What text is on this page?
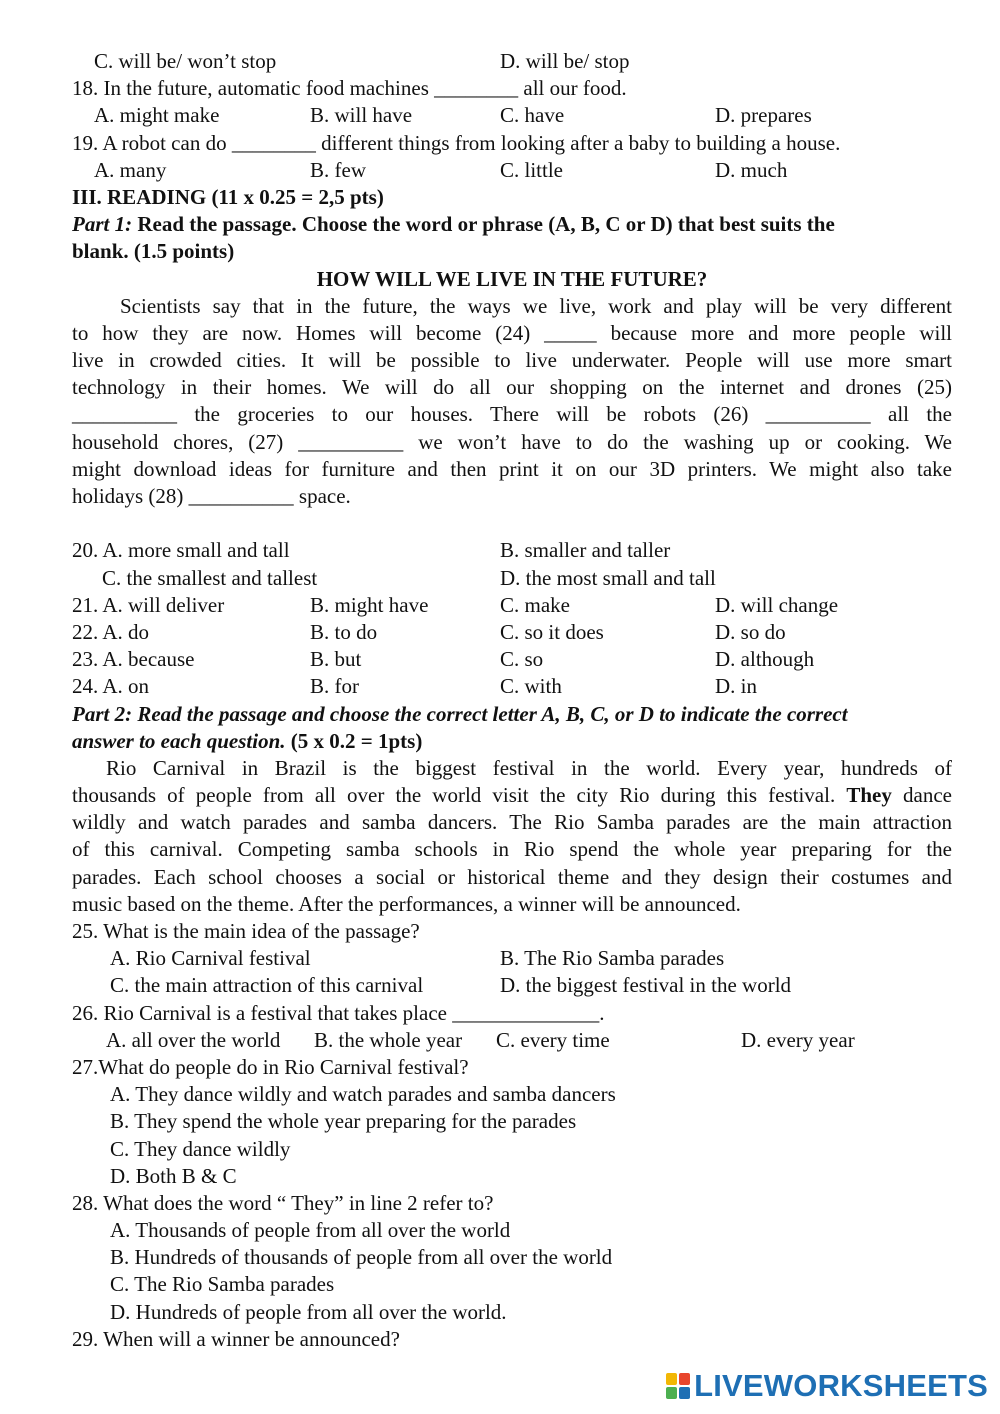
C. will be/ won’t stop	D. will be/ stop
18. In the future, automatic food machines ________ all our food.
A. might make	B. will have	C. have	D. prepares
19. A robot can do ________ different things from looking after a baby to building a house.
A. many	B. few	C. little	D. much
III. READING (11 x 0.25 = 2,5 pts)
Part 1: Read the passage. Choose the word or phrase (A, B, C or D) that best suits the
blank. (1.5 points)
HOW WILL WE LIVE IN THE FUTURE?
Scientists say that in the future, the ways we live, work and play will be very different
to how they are now. Homes will become (24) _____ because more and more people will
live in crowded cities. It will be possible to live underwater. People will use more smart
technology in their homes. We will do all our shopping on the internet and drones (25)
__________ the groceries to our houses. There will be robots (26) __________ all the
household chores, (27) __________ we won’t have to do the washing up or cooking. We
might download ideas for furniture and then print it on our 3D printers. We might also take
holidays (28) __________ space.
20. A. more small and tall	B. smaller and taller
C. the smallest and tallest	D. the most small and tall
21. A. will deliver	B. might have	C. make	D. will change
22. A. do	B. to do	C. so it does	D. so do
23. A. because	B. but	C. so	D. although
24. A. on	B. for	C. with	D. in
Part 2: Read the passage and choose the correct letter A, B, C, or D to indicate the correct
answer to each question. (5 x 0.2 = 1pts)
Rio Carnival in Brazil is the biggest festival in the world. Every year, hundreds of
thousands of people from all over the world visit the city Rio during this festival. They dance
wildly and watch parades and samba dancers. The Rio Samba parades are the main attraction
of this carnival. Competing samba schools in Rio spend the whole year preparing for the
parades. Each school chooses a social or historical theme and they design their costumes and
music based on the theme. After the performances, a winner will be announced.
25. What is the main idea of the passage?
A. Rio Carnival festival	B. The Rio Samba parades
C. the main attraction of this carnival	D. the biggest festival in the world
26. Rio Carnival is a festival that takes place ______________.
A. all over the world B. the whole year C. every time	D. every year
27.What do people do in Rio Carnival festival?
A. They dance wildly and watch parades and samba dancers
B. They spend the whole year preparing for the parades
C. They dance wildly
D. Both B & C
28. What does the word “ They” in line 2 refer to?
A. Thousands of people from all over the world
B. Hundreds of thousands of people from all over the world
C. The Rio Samba parades
D. Hundreds of people from all over the world.
29. When will a winner be announced?
LIVEWORKSHEETS
